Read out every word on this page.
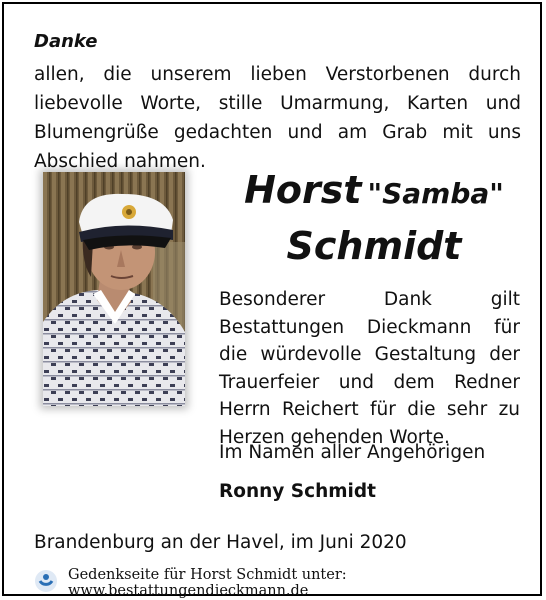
Danke
allen, die unserem lieben Verstorbenen durch liebevolle Worte, stille Umarmung, Karten und Blumengrüße gedachten und am Grab mit uns Abschied nahmen.
Horst "Samba"
Schmidt
Besonderer Dank gilt Bestattungen Dieckmann für die würdevolle Gestaltung der Trauerfeier und dem Redner Herrn Reichert für die sehr zu Herzen gehenden Worte.
Im Namen aller Angehörigen
Ronny Schmidt
Brandenburg an der Havel, im Juni 2020
Gedenkseite für Horst Schmidt unter: www.bestattungendieckmann.de
